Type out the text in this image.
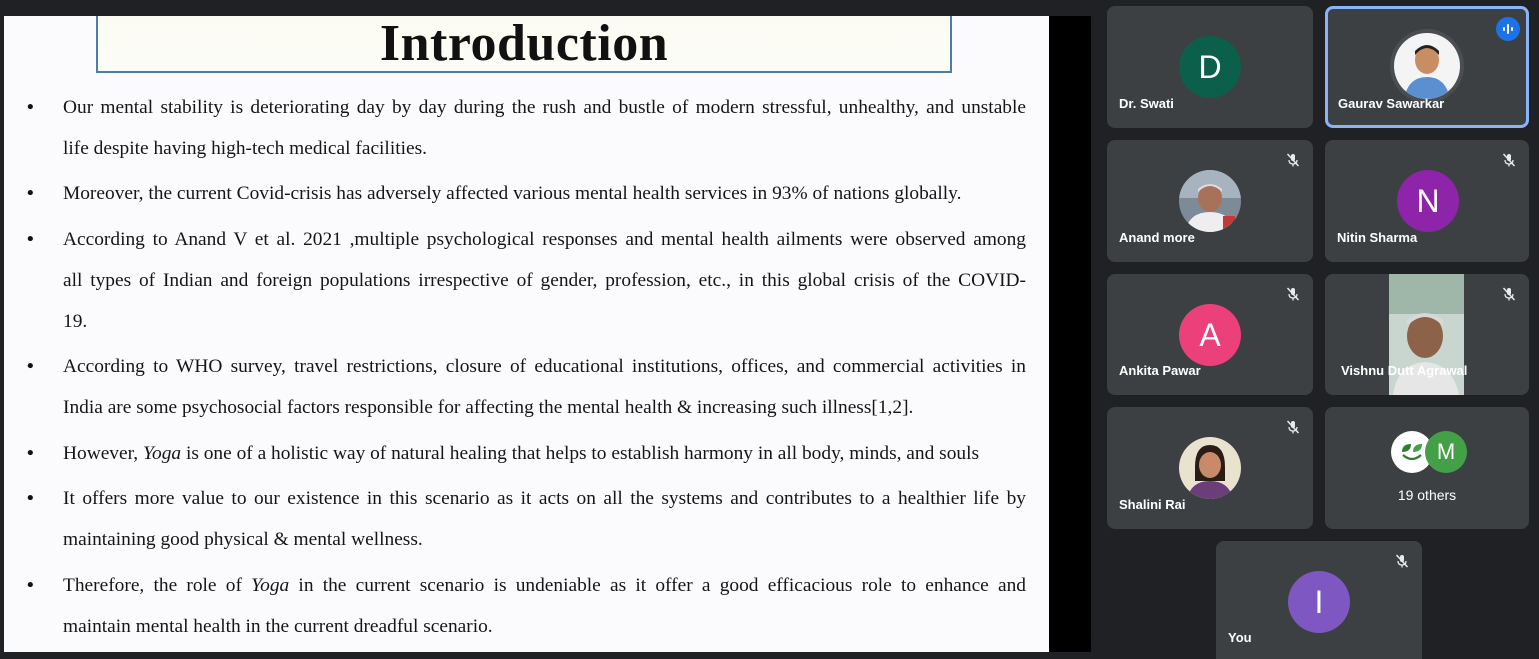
Introduction
• Our mental stability is deteriorating day by day during the rush and bustle of modern stressful, unhealthy, and unstable
life despite having high-tech medical facilities.
• Moreover, the current Covid-crisis has adversely affected various mental health services in 93% of nations globally.
• According to Anand V et al. 2021 ,multiple psychological responses and mental health ailments were observed among
all types of Indian and foreign populations irrespective of gender, profession, etc., in this global crisis of the COVID-
19.
• According to WHO survey, travel restrictions, closure of educational institutions, offices, and commercial activities in
India are some psychosocial factors responsible for affecting the mental health & increasing such illness[1,2].
• However, Yoga is one of a holistic way of natural healing that helps to establish harmony in all body, minds, and souls
• It offers more value to our existence in this scenario as it acts on all the systems and contributes to a healthier life by
maintaining good physical & mental wellness.
• Therefore, the role of Yoga in the current scenario is undeniable as it offer a good efficacious role to enhance and
maintain mental health in the current dreadful scenario.
D
Dr. Swati	Gaurav Sawarkar
Anand more
N
Nitin Sharma
A
Ankita Pawar	Vishnu Dutt Agrawal
Shalini Rai
M
19 others
I
You
